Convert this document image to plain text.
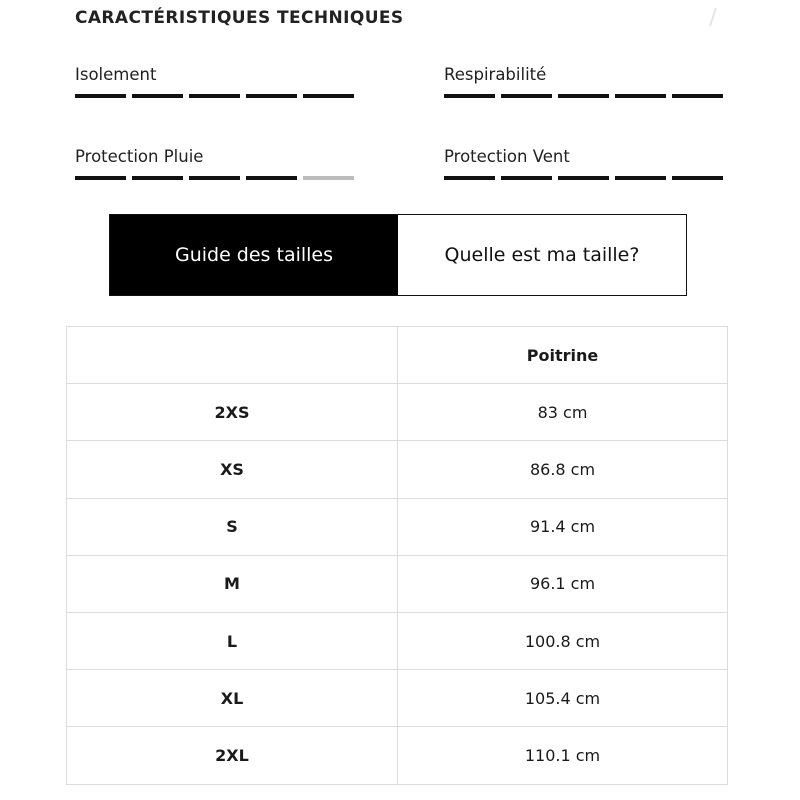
CARACTÉRISTIQUES TECHNIQUES
Isolement	Respirabilité
Protection Pluie	Protection Vent
Guide des tailles	Quelle est ma taille?
	Poitrine
2XS	83 cm
XS	86.8 cm
S	91.4 cm
M	96.1 cm
L	100.8 cm
XL	105.4 cm
2XL	110.1 cm
